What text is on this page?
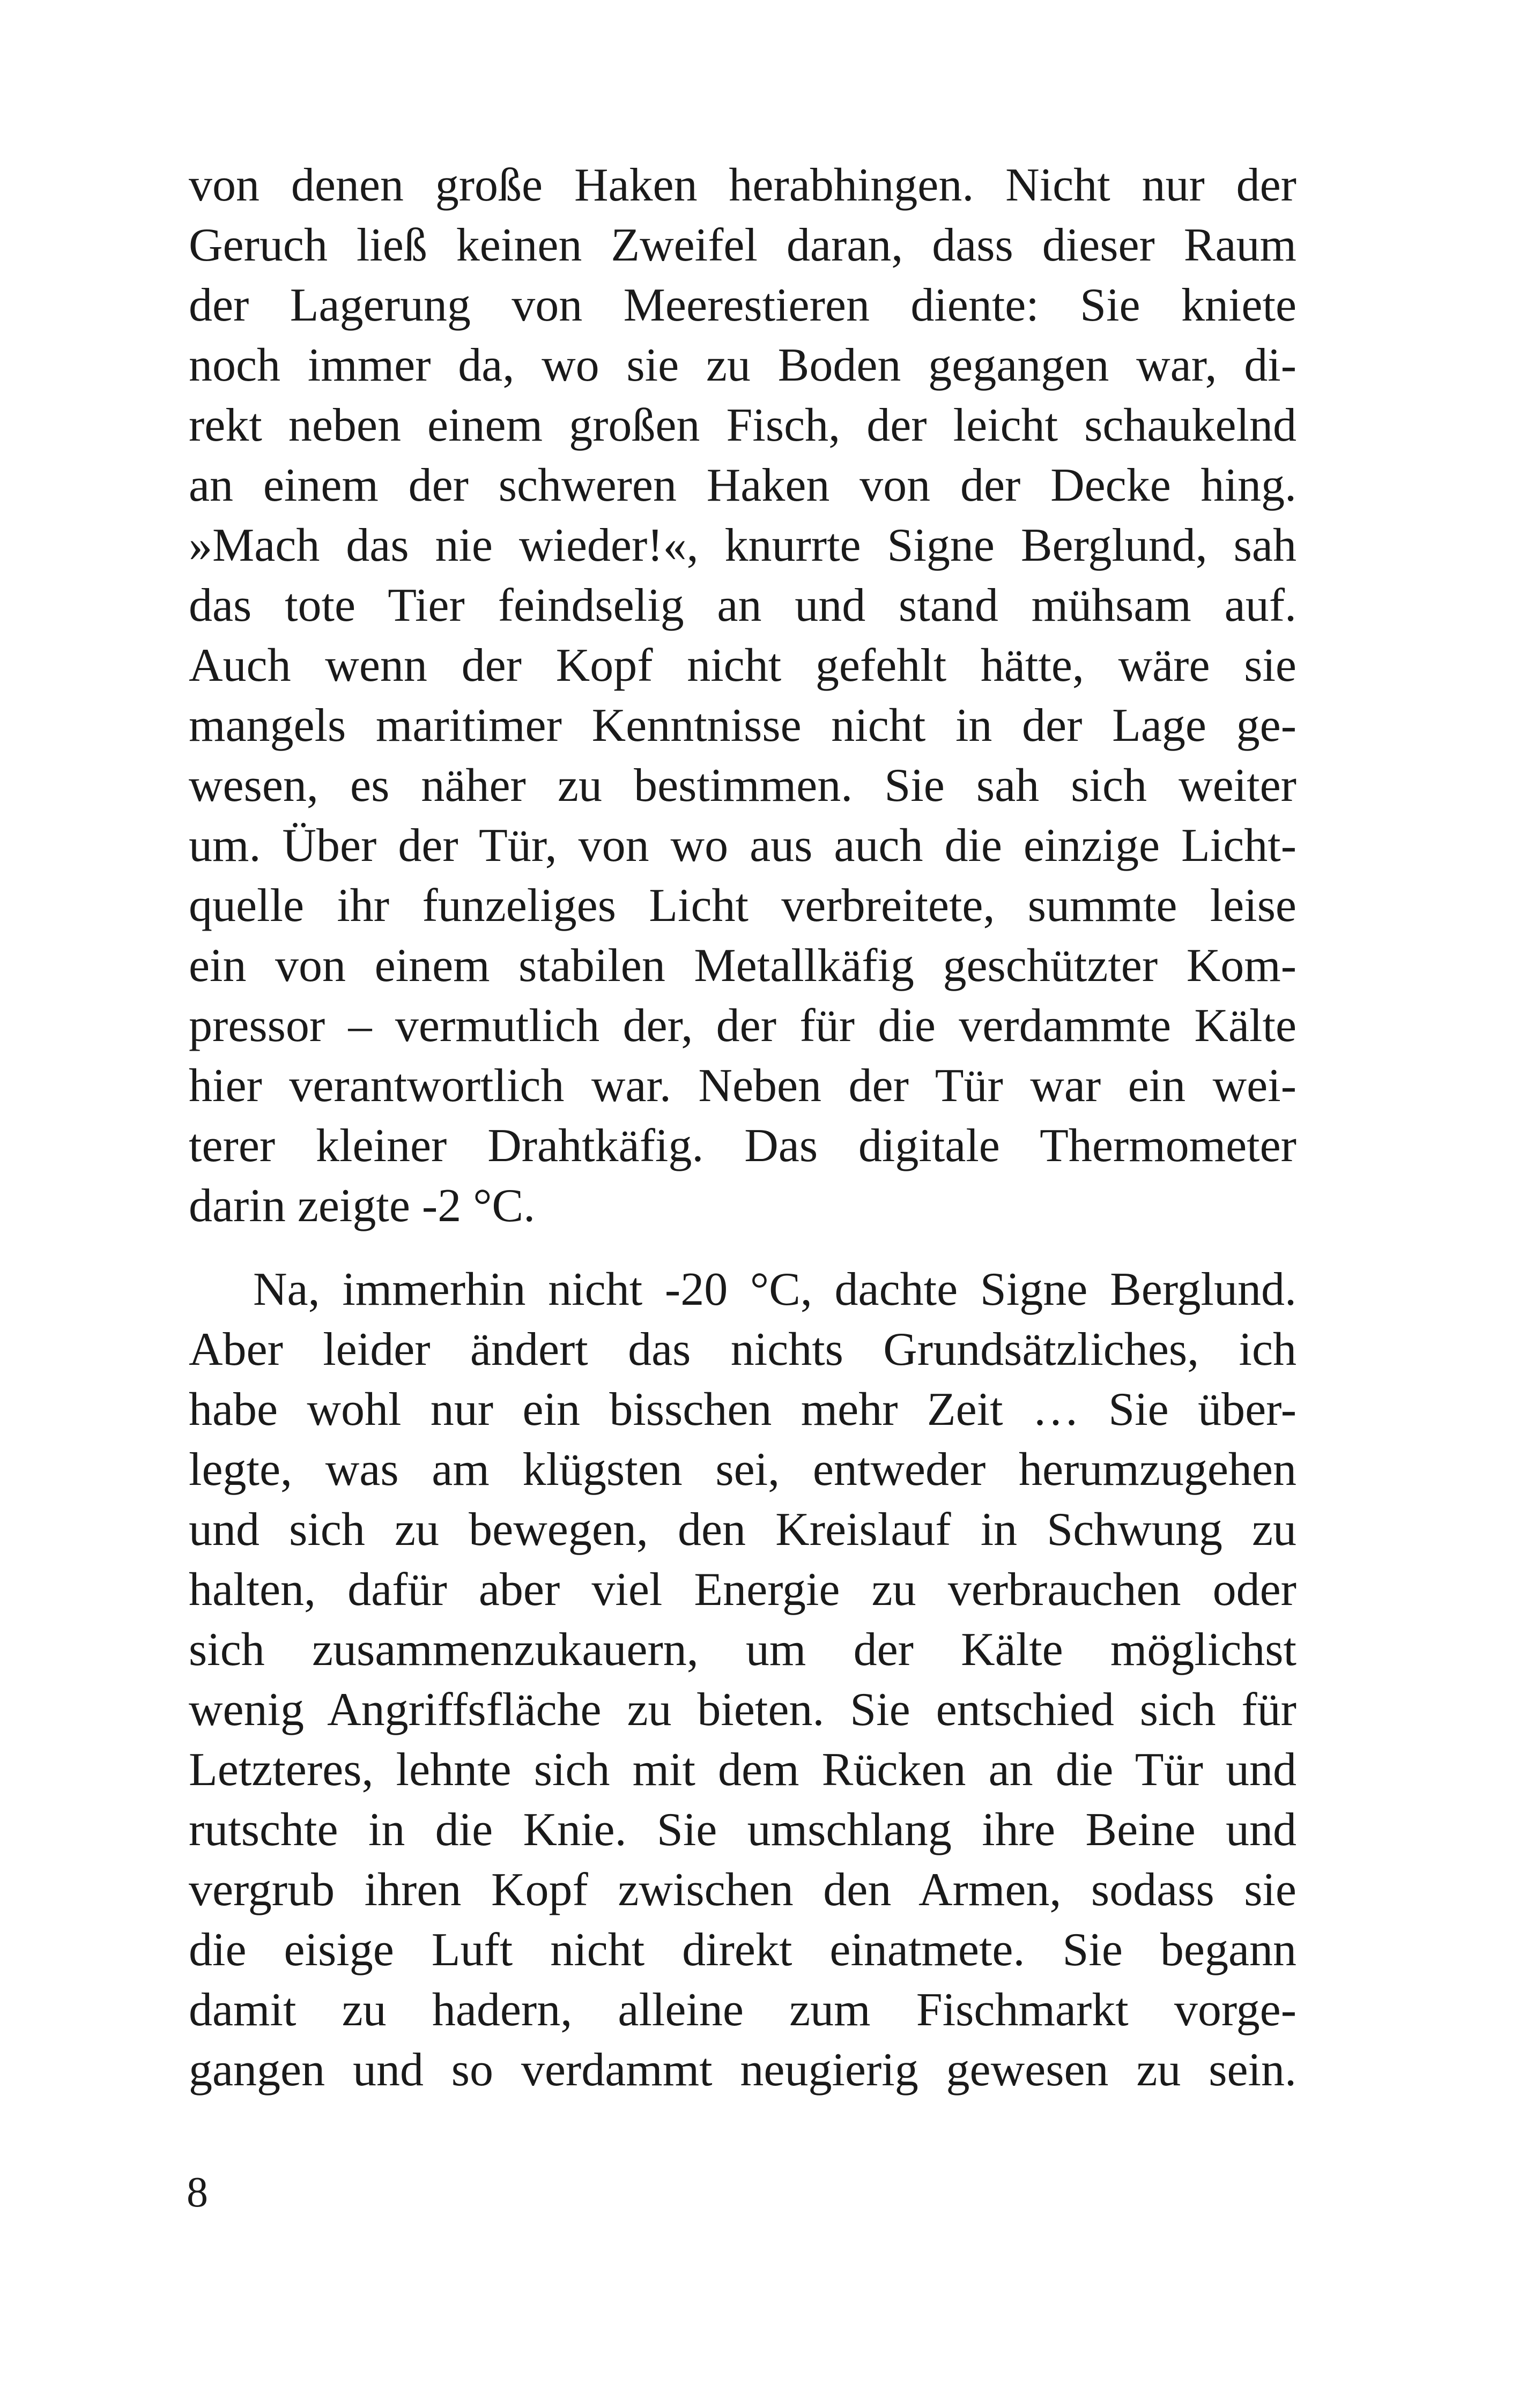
von denen große Haken herabhingen. Nicht nur der
Geruch ließ keinen Zweifel daran, dass dieser Raum
der Lagerung von Meerestieren diente: Sie kniete
noch immer da, wo sie zu Boden gegangen war, di-
rekt neben einem großen Fisch, der leicht schaukelnd
an einem der schweren Haken von der Decke hing.
»Mach das nie wieder!«, knurrte Signe Berglund, sah
das tote Tier feindselig an und stand mühsam auf.
Auch wenn der Kopf nicht gefehlt hätte, wäre sie
mangels maritimer Kenntnisse nicht in der Lage ge-
wesen, es näher zu bestimmen. Sie sah sich weiter
um. Über der Tür, von wo aus auch die einzige Licht-
quelle ihr funzeliges Licht verbreitete, summte leise
ein von einem stabilen Metallkäfig geschützter Kom-
pressor – vermutlich der, der für die verdammte Kälte
hier verantwortlich war. Neben der Tür war ein wei-
terer kleiner Drahtkäfig. Das digitale Thermometer
darin zeigte -2 °C.
Na, immerhin nicht -20 °C, dachte Signe Berglund.
Aber leider ändert das nichts Grundsätzliches, ich
habe wohl nur ein bisschen mehr Zeit … Sie über-
legte, was am klügsten sei, entweder herumzugehen
und sich zu bewegen, den Kreislauf in Schwung zu
halten, dafür aber viel Energie zu verbrauchen oder
sich zusammenzukauern, um der Kälte möglichst
wenig Angriffsfläche zu bieten. Sie entschied sich für
Letzteres, lehnte sich mit dem Rücken an die Tür und
rutschte in die Knie. Sie umschlang ihre Beine und
vergrub ihren Kopf zwischen den Armen, sodass sie
die eisige Luft nicht direkt einatmete. Sie begann
damit zu hadern, alleine zum Fischmarkt vorge-
gangen und so verdammt neugierig gewesen zu sein.
8
